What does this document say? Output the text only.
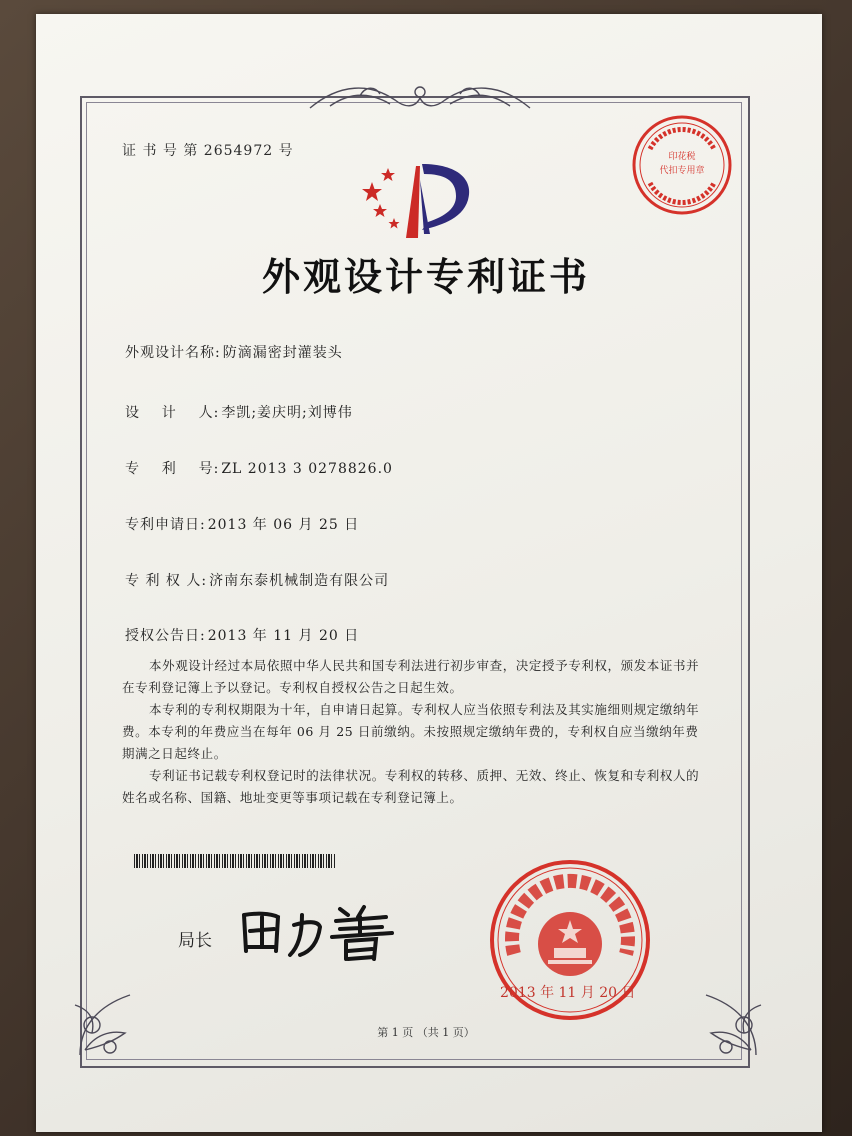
证 书 号 第 2654972 号	印花税
代扣专用章
外观设计专利证书
外观设计名称: 防滴漏密封灌装头
设    计    人: 李凯;姜庆明;刘博伟
专    利    号: ZL 2013 3 0278826.0
专利申请日: 2013 年 06 月 25 日
专 利 权 人: 济南东泰机械制造有限公司
授权公告日: 2013 年 11 月 20 日

本外观设计经过本局依照中华人民共和国专利法进行初步审查，决定授予专利权，颁发本证书并在专利登记簿上予以登记。专利权自授权公告之日起生效。

本专利的专利权期限为十年，自申请日起算。专利权人应当依照专利法及其实施细则规定缴纳年费。本专利的年费应当在每年 06 月 25 日前缴纳。未按照规定缴纳年费的，专利权自应当缴纳年费期满之日起终止。

专利证书记载专利权登记时的法律状况。专利权的转移、质押、无效、终止、恢复和专利权人的姓名或名称、国籍、地址变更等事项记载在专利登记簿上。

局长
2013 年 11 月 20 日
第 1 页 （共 1 页）
